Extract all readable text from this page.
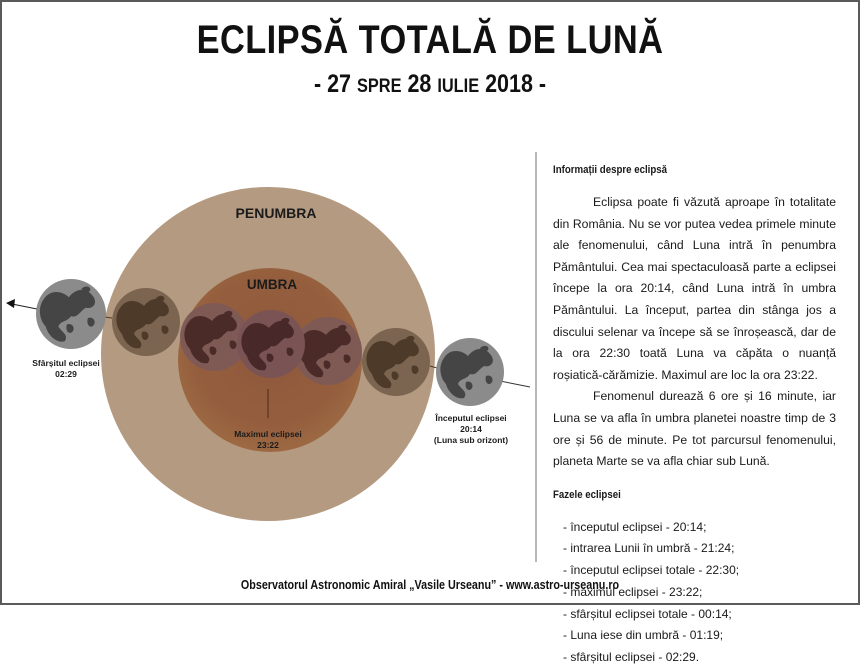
ECLIPSĂ TOTALĂ DE LUNĂ
- 27 SPRE 28 IULIE 2018 -
PENUMBRA
UMBRA
Sfârșitul eclipsei
02:29
Maximul eclipsei
23:22
Începutul eclipsei
20:14
(Luna sub orizont)
Informații despre eclipsă

Eclipsa poate fi văzută aproape în totalitate din România. Nu se vor putea vedea primele minute ale fenomenului, când Luna intră în penumbra Pământului. Cea mai spectaculoasă parte a eclipsei începe la ora 20:14, când Luna intră în umbra Pământului. La început, partea din stânga jos a discului selenar va începe să se înroșească, dar de la ora 22:30 toată Luna va căpăta o nuanță roșiatică-cărămizie. Maximul are loc la ora 23:22.

Fenomenul durează 6 ore și 16 minute, iar Luna se va afla în umbra planetei noastre timp de 3 ore și 56 de minute. Pe tot parcursul fenomenului, planeta Marte se va afla chiar sub Lună.

Fazele eclipsei
- începutul eclipsei - 20:14;
- intrarea Lunii în umbră - 21:24;
- începutul eclipsei totale - 22:30;
- maximul eclipsei - 23:22;
- sfârșitul eclipsei totale - 00:14;
- Luna iese din umbră - 01:19;
- sfârșitul eclipsei - 02:29.
Observatorul Astronomic Amiral „Vasile Urseanu” - www.astro-urseanu.ro
